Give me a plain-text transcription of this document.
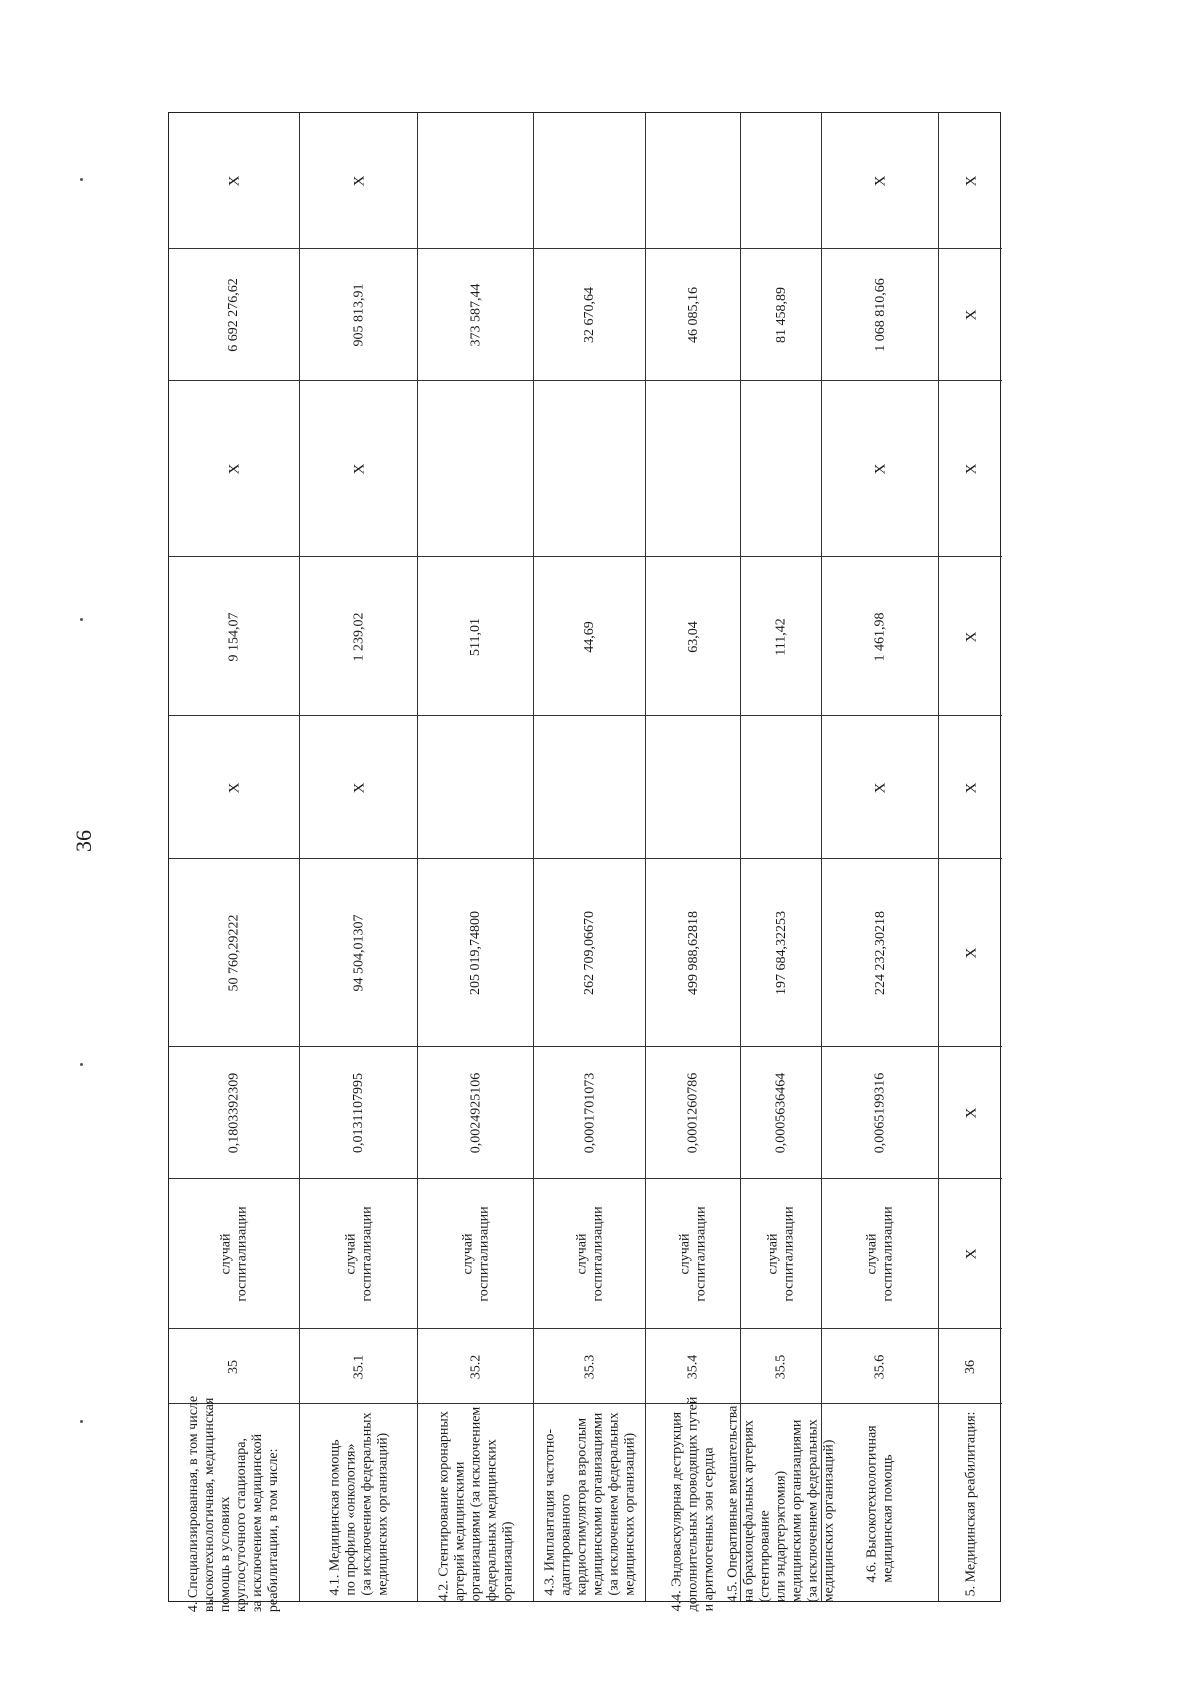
36
4. Специализированная, в том числе
высокотехнологичная, медицинская
помощь в условиях
круглосуточного стационара,
за исключением медицинской
реабилитации, в том числе:
35
случай
госпитализации
0,1803392309
50 760,29222
X
9 154,07
X
6 692 276,62
X
4.1. Медицинская помощь
по профилю «онкология»
(за исключением федеральных
медицинских организаций)
35.1
случай
госпитализации
0,0131107995
94 504,01307
X
1 239,02
X
905 813,91
X
4.2. Стентирование коронарных
артерий медицинскими
организациями (за исключением
федеральных медицинских
организаций)
35.2
случай
госпитализации
0,0024925106
205 019,74800
511,01
373 587,44
4.3. Имплантация частотно-
адаптированного
кардиостимулятора взрослым
медицинскими организациями
(за исключением федеральных
медицинских организаций)
35.3
случай
госпитализации
0,0001701073
262 709,06670
44,69
32 670,64
4.4. Эндоваскулярная деструкция
дополнительных проводящих путей
и аритмогенных зон сердца
35.4
случай
госпитализации
0,0001260786
499 988,62818
63,04
46 085,16
4.5. Оперативные вмешательства
на брахиоцефальных артериях
(стентирование
или эндартерэктомия)
медицинскими организациями
(за исключением федеральных
медицинских организаций)
35.5
случай
госпитализации
0,0005636464
197 684,32253
111,42
81 458,89
4.6. Высокотехнологичная
медицинская помощь
35.6
случай
госпитализации
0,0065199316
224 232,30218
X
1 461,98
X
1 068 810,66
X
5. Медицинская реабилитация:
36
X
X
X
X
X
X
X
X
